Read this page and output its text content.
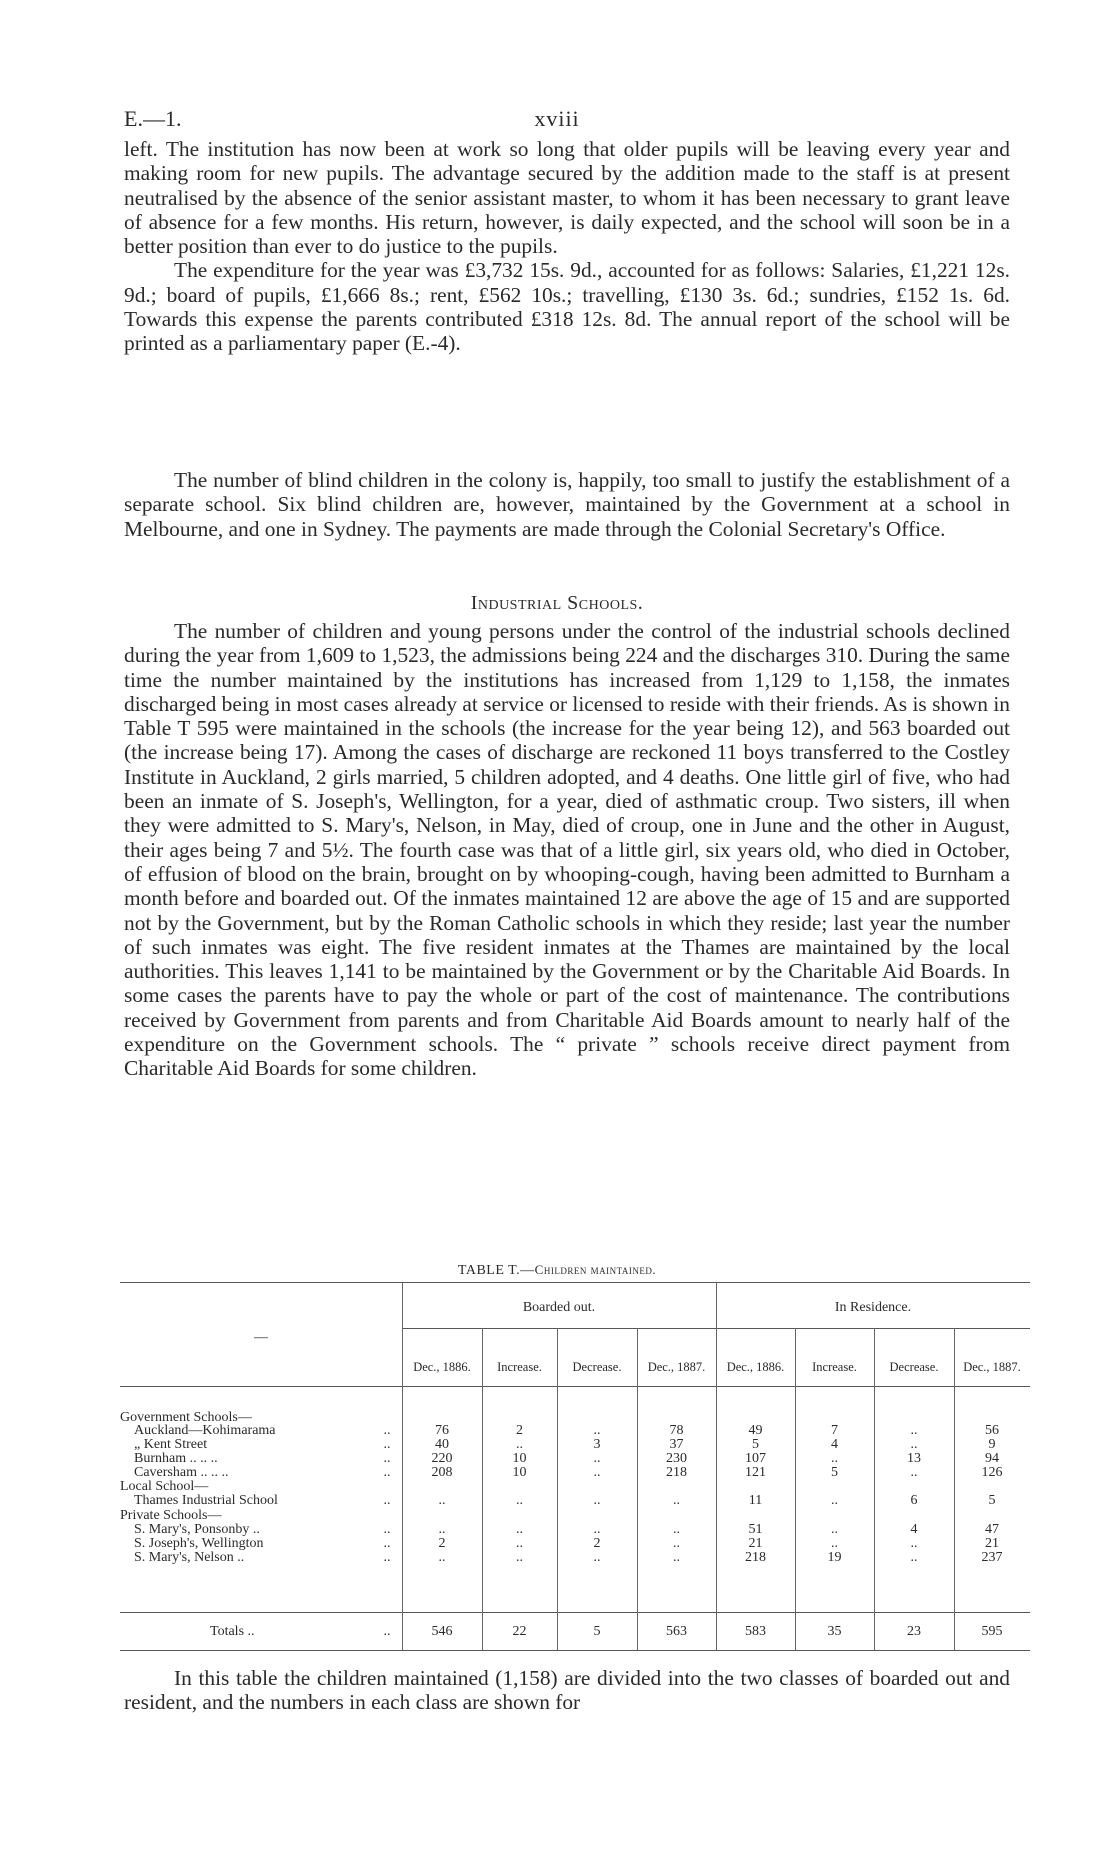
E.—1.	xviii

left. The institution has now been at work so long that older pupils will be leaving every year and making room for new pupils. The advantage secured by the addition made to the staff is at present neutralised by the absence of the senior assistant master, to whom it has been necessary to grant leave of absence for a few months. His return, however, is daily expected, and the school will soon be in a better position than ever to do justice to the pupils.

The expenditure for the year was £3,732 15s. 9d., accounted for as follows: Salaries, £1,221 12s. 9d.; board of pupils, £1,666 8s.; rent, £562 10s.; travelling, £130 3s. 6d.; sundries, £152 1s. 6d. Towards this expense the parents contributed £318 12s. 8d. The annual report of the school will be printed as a parliamentary paper (E.-4).

The number of blind children in the colony is, happily, too small to justify the establishment of a separate school. Six blind children are, however, maintained by the Government at a school in Melbourne, and one in Sydney. The payments are made through the Colonial Secretary's Office.

Industrial Schools.

The number of children and young persons under the control of the industrial schools declined during the year from 1,609 to 1,523, the admissions being 224 and the discharges 310. During the same time the number maintained by the institutions has increased from 1,129 to 1,158, the inmates discharged being in most cases already at service or licensed to reside with their friends. As is shown in Table T 595 were maintained in the schools (the increase for the year being 12), and 563 boarded out (the increase being 17). Among the cases of discharge are reckoned 11 boys transferred to the Costley Institute in Auckland, 2 girls married, 5 children adopted, and 4 deaths. One little girl of five, who had been an inmate of S. Joseph's, Wellington, for a year, died of asthmatic croup. Two sisters, ill when they were admitted to S. Mary's, Nelson, in May, died of croup, one in June and the other in August, their ages being 7 and 5½. The fourth case was that of a little girl, six years old, who died in October, of effusion of blood on the brain, brought on by whooping-cough, having been admitted to Burnham a month before and boarded out. Of the inmates maintained 12 are above the age of 15 and are supported not by the Government, but by the Roman Catholic schools in which they reside; last year the number of such inmates was eight. The five resident inmates at the Thames are maintained by the local authorities. This leaves 1,141 to be maintained by the Government or by the Charitable Aid Boards. In some cases the parents have to pay the whole or part of the cost of maintenance. The contributions received by Government from parents and from Charitable Aid Boards amount to nearly half of the expenditure on the Government schools. The “ private ” schools receive direct payment from Charitable Aid Boards for some children.

TABLE T.—Children maintained.
—
Boarded out.	In Residence.
Dec., 1886.	Increase.	Decrease.	Dec., 1887.	Dec., 1886.	Increase.	Decrease.	Dec., 1887.
Government Schools—
Auckland—Kohimarama	..	76	2	..	78	49	7	..	56
„ Kent Street	..	40	..	3	37	5	4	..	9
Burnham .. .. ..	..	220	10	..	230	107	..	13	94
Caversham .. .. ..	..	208	10	..	218	121	5	..	126
Local School—
Thames Industrial School	..	..	..	..	..	11	..	6	5
Private Schools—
S. Mary's, Ponsonby ..	..	..	..	..	..	51	..	4	47
S. Joseph's, Wellington	..	2	..	2	..	21	..	..	21
S. Mary's, Nelson ..	..	..	..	..	..	218	19	..	237
Totals ..	..	546	22	5	563	583	35	23	595

In this table the children maintained (1,158) are divided into the two classes of boarded out and resident, and the numbers in each class are shown for
